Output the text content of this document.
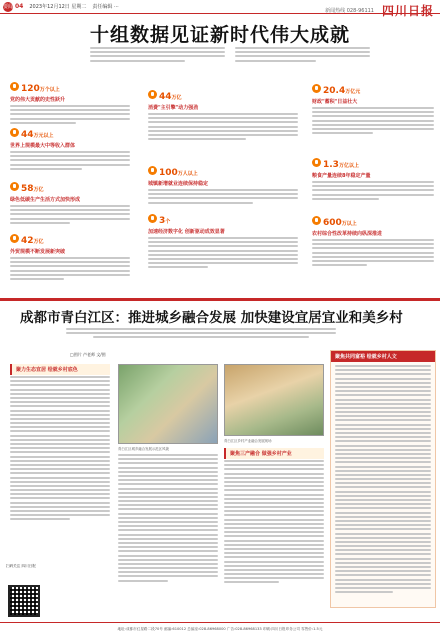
要闻 04 2023年12月12日 星期二 责任编辑 ···
新闻热线 028-96111 四川日报
十组数据见证新时代伟大成就
120万个以上
党的伟大贡献的史性跃升
44万元以上
世界上规模最大中等收入群体
58万亿
绿色低碳生产生活方式加快形成
42万亿
外贸规模不断发展新突破
44万亿
消费"主引擎"动力强劲
100万人以上
城镇新增就业连续保持稳定
3个
加速经济数字化 创新驱动成效显著
20.4万亿元
财政"蓄积"日益壮大
1.3万亿以上
粮食产量连续8年稳定产量
600万以上
农村综合性改革持续向纵深推进
成都市青白江区：推进城乡融合发展 加快建设宜居宜业和美乡村
□图片 卢老师 文/图
聚力生态宜居 绘就乡村底色
青白江区城乡融合发展示范区风貌
青白江区乡村产业融合发展现场
聚焦三产融合 做强乡村产业
聚焦共同富裕 绘就乡村人文
扫码关注 四川日报
地址:成都市红星路二段70号 邮编:610012 总编室:028-86968000 广告:028-86968133 印刷:四川日报印务公司 零售价:1.5元
